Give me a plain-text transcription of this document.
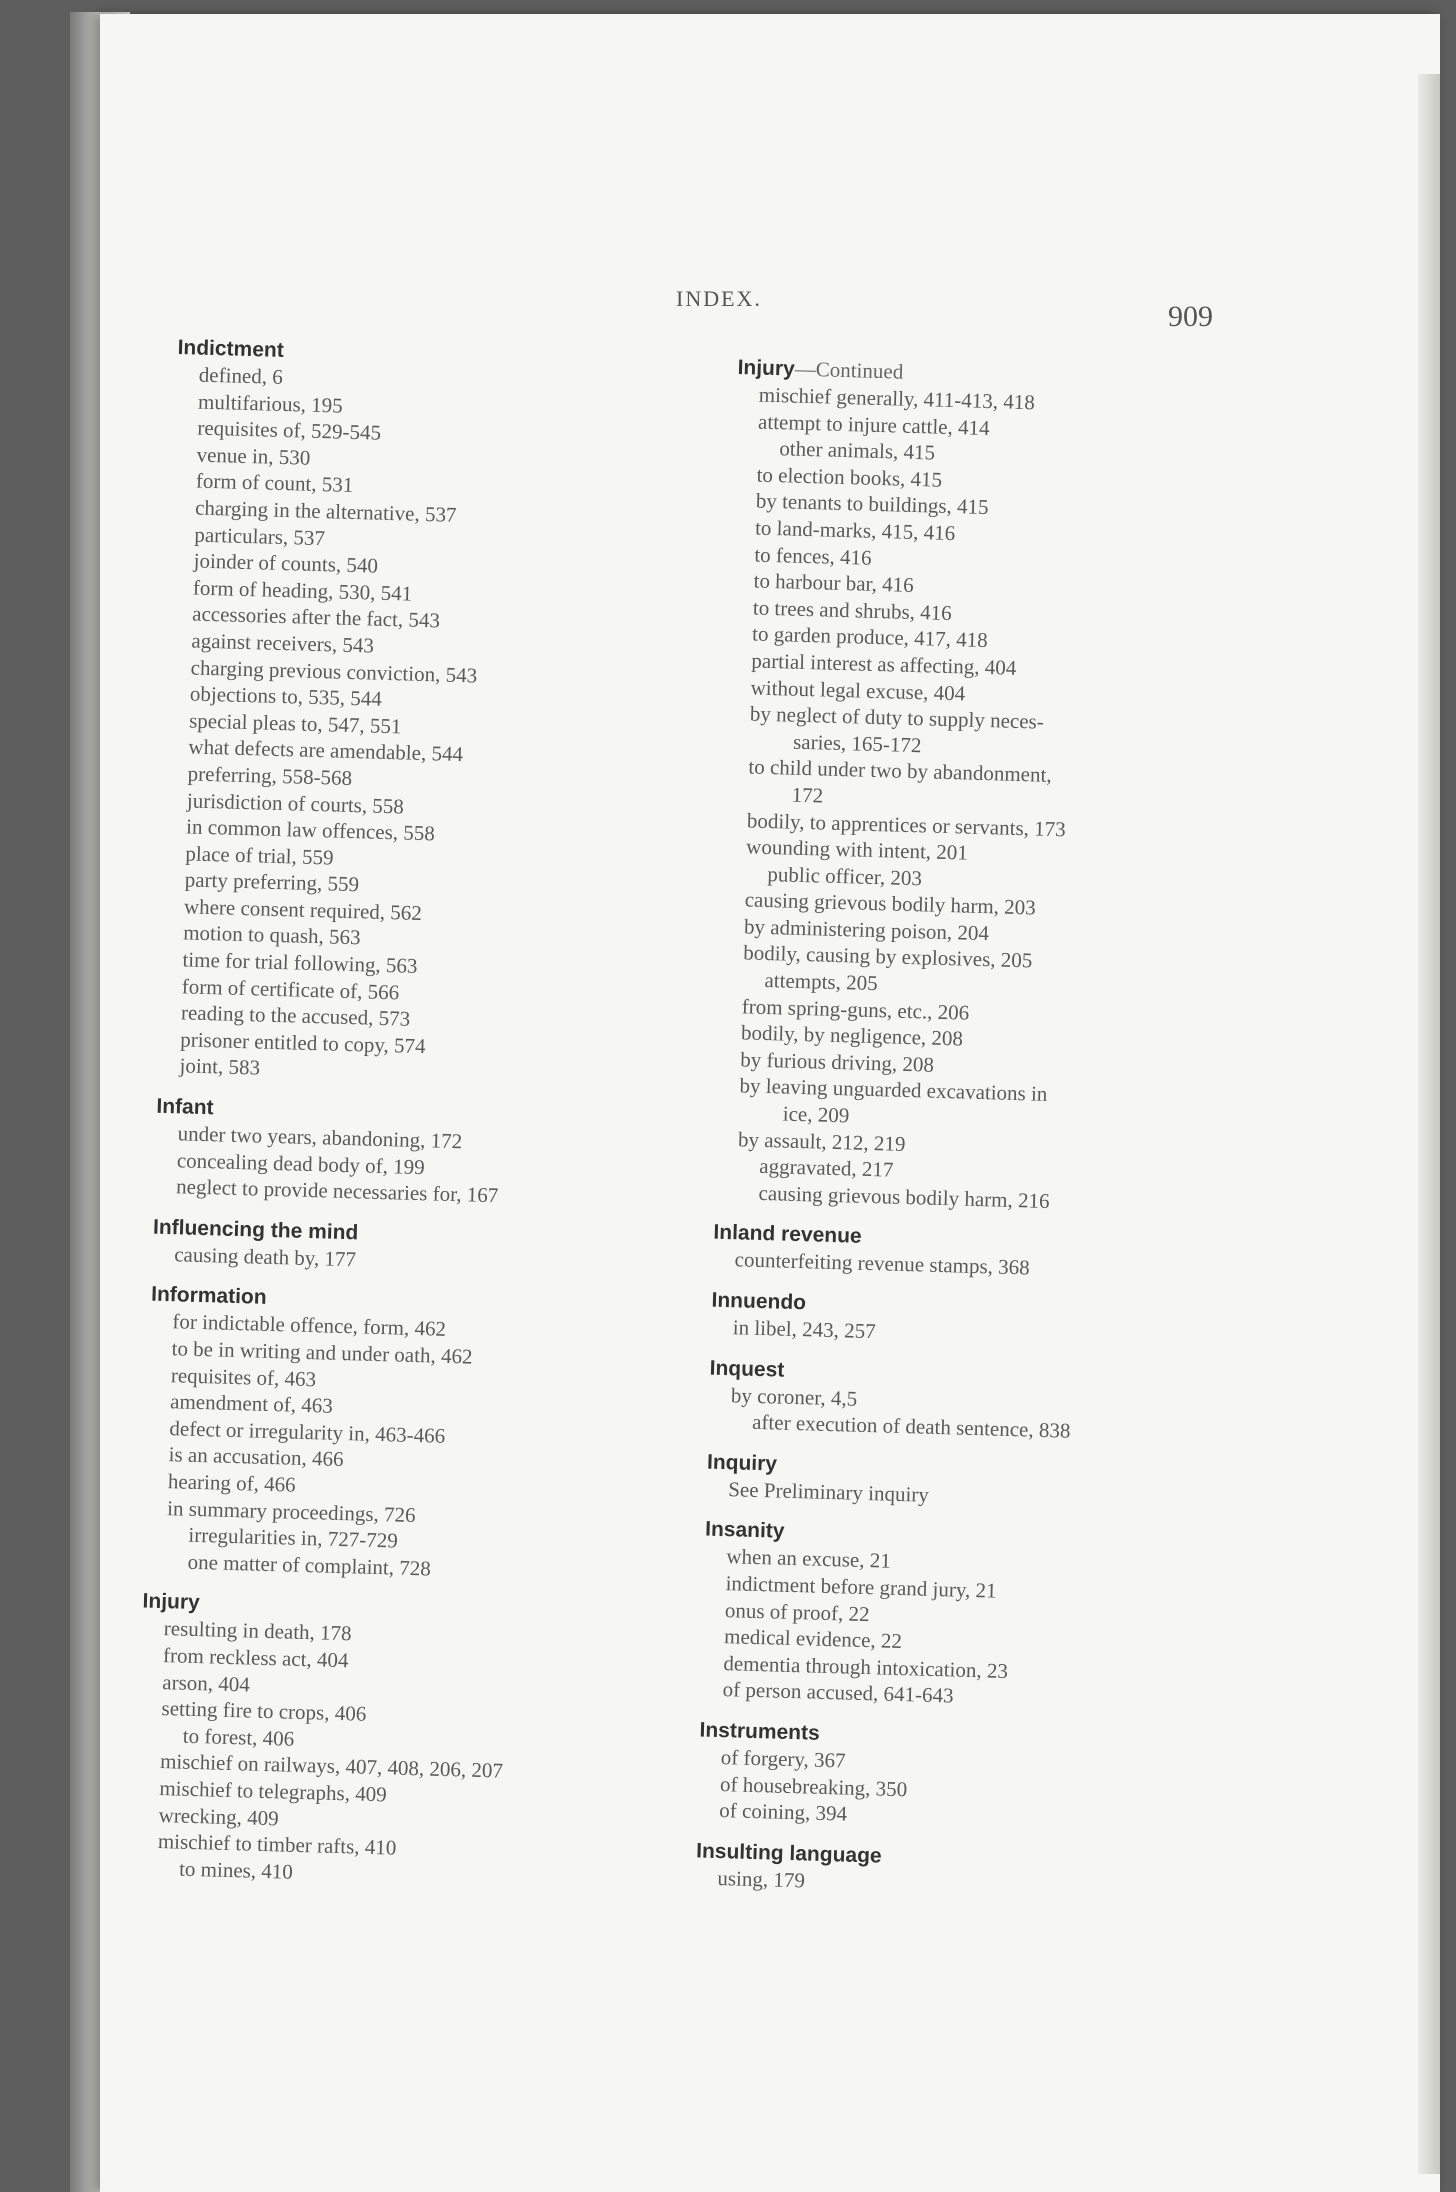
INDEX.
909
Indictment
defined, 6
multifarious, 195
requisites of, 529-545
venue in, 530
form of count, 531
charging in the alternative, 537
particulars, 537
joinder of counts, 540
form of heading, 530, 541
accessories after the fact, 543
against receivers, 543
charging previous conviction, 543
objections to, 535, 544
special pleas to, 547, 551
what defects are amendable, 544
preferring, 558-568
jurisdiction of courts, 558
in common law offences, 558
place of trial, 559
party preferring, 559
where consent required, 562
motion to quash, 563
time for trial following, 563
form of certificate of, 566
reading to the accused, 573
prisoner entitled to copy, 574
joint, 583
Infant
under two years, abandoning, 172
concealing dead body of, 199
neglect to provide necessaries for, 167
Influencing the mind
causing death by, 177
Information
for indictable offence, form, 462
to be in writing and under oath, 462
requisites of, 463
amendment of, 463
defect or irregularity in, 463-466
is an accusation, 466
hearing of, 466
in summary proceedings, 726
irregularities in, 727-729
one matter of complaint, 728
Injury
resulting in death, 178
from reckless act, 404
arson, 404
setting fire to crops, 406
to forest, 406
mischief on railways, 407, 408, 206, 207
mischief to telegraphs, 409
wrecking, 409
mischief to timber rafts, 410
to mines, 410
Injury—Continued
mischief generally, 411-413, 418
attempt to injure cattle, 414
other animals, 415
to election books, 415
by tenants to buildings, 415
to land-marks, 415, 416
to fences, 416
to harbour bar, 416
to trees and shrubs, 416
to garden produce, 417, 418
partial interest as affecting, 404
without legal excuse, 404
by neglect of duty to supply neces-
saries, 165-172
to child under two by abandonment,
172
bodily, to apprentices or servants, 173
wounding with intent, 201
public officer, 203
causing grievous bodily harm, 203
by administering poison, 204
bodily, causing by explosives, 205
attempts, 205
from spring-guns, etc., 206
bodily, by negligence, 208
by furious driving, 208
by leaving unguarded excavations in
ice, 209
by assault, 212, 219
aggravated, 217
causing grievous bodily harm, 216
Inland revenue
counterfeiting revenue stamps, 368
Innuendo
in libel, 243, 257
Inquest
by coroner, 4,5
after execution of death sentence, 838
Inquiry
See Preliminary inquiry
Insanity
when an excuse, 21
indictment before grand jury, 21
onus of proof, 22
medical evidence, 22
dementia through intoxication, 23
of person accused, 641-643
Instruments
of forgery, 367
of housebreaking, 350
of coining, 394
Insulting language
using, 179
